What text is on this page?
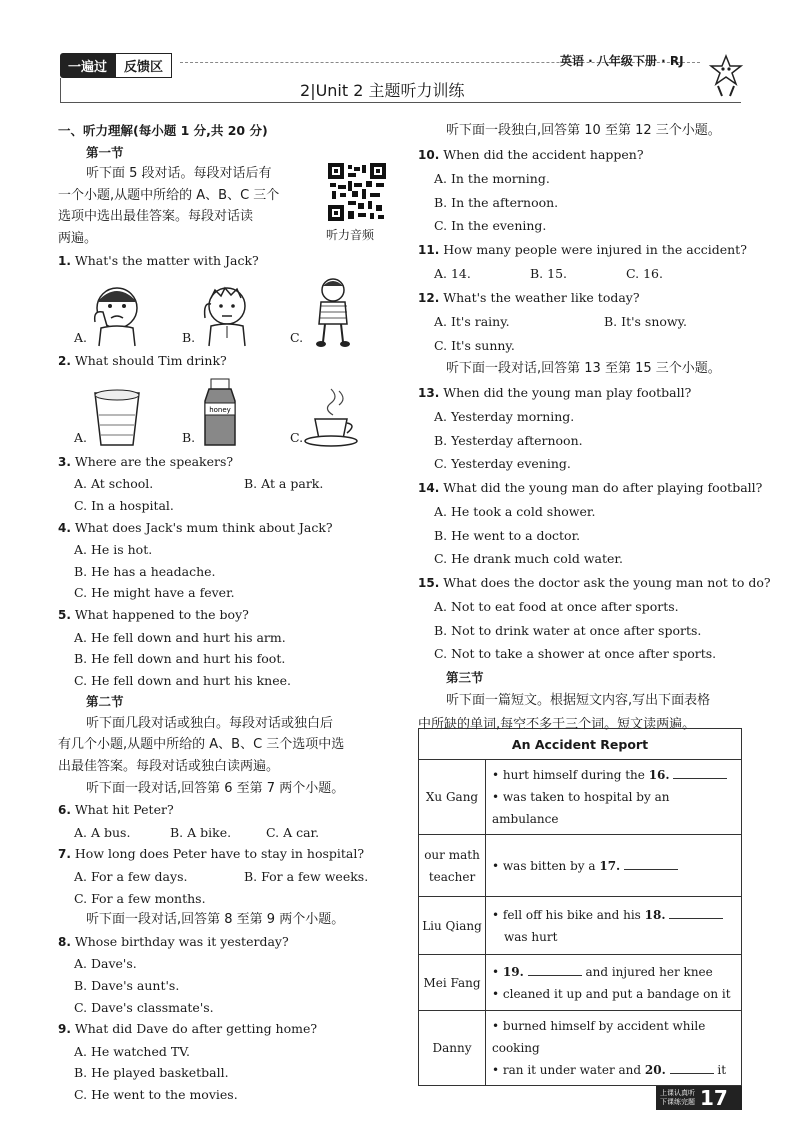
一遍过 反馈区	英语 · 八年级下册 · RJ
2|Unit 2 主题听力训练
听力音频
一、听力理解(每小题 1 分,共 20 分)
第一节
听下面 5 段对话。每段对话后有
一个小题,从题中所给的 A、B、C 三个
选项中选出最佳答案。每段对话读
两遍。
1. What's the matter with Jack?
A.	B.	C.
2. What should Tim drink?
A.	B.
honey
C.
3. Where are the speakers?
A. At school.	B. At a park.
C. In a hospital.
4. What does Jack's mum think about Jack?
A. He is hot.
B. He has a headache.
C. He might have a fever.
5. What happened to the boy?
A. He fell down and hurt his arm.
B. He fell down and hurt his foot.
C. He fell down and hurt his knee.
第二节
听下面几段对话或独白。每段对话或独白后
有几个小题,从题中所给的 A、B、C 三个选项中选
出最佳答案。每段对话或独白读两遍。
听下面一段对话,回答第 6 至第 7 两个小题。
6. What hit Peter?
A. A bus.	B. A bike.	C. A car.
7. How long does Peter have to stay in hospital?
A. For a few days.	B. For a few weeks.
C. For a few months.
听下面一段对话,回答第 8 至第 9 两个小题。
8. Whose birthday was it yesterday?
A. Dave's.
B. Dave's aunt's.
C. Dave's classmate's.
9. What did Dave do after getting home?
A. He watched TV.
B. He played basketball.
C. He went to the movies.
听下面一段独白,回答第 10 至第 12 三个小题。
10. When did the accident happen?
A. In the morning.
B. In the afternoon.
C. In the evening.
11. How many people were injured in the accident?
A. 14.	B. 15.	C. 16.
12. What's the weather like today?
A. It's rainy.	B. It's snowy.
C. It's sunny.
听下面一段对话,回答第 13 至第 15 三个小题。
13. When did the young man play football?
A. Yesterday morning.
B. Yesterday afternoon.
C. Yesterday evening.
14. What did the young man do after playing football?
A. He took a cold shower.
B. He went to a doctor.
C. He drank much cold water.
15. What does the doctor ask the young man not to do?
A. Not to eat food at once after sports.
B. Not to drink water at once after sports.
C. Not to take a shower at once after sports.
第三节
听下面一篇短文。根据短文内容,写出下面表格
中所缺的单词,每空不多于三个词。短文读两遍。
An Accident Report	
Xu Gang	• hurt himself during the 16.
• was taken to hospital by an ambulance

our math
teacher	• was bitten by a 17.

Liu Qiang	• fell off his bike and his 18.
was hurt

Mei Fang	• 19. and injured her knee
• cleaned it up and put a bandage on it

Danny	• burned himself by accident while cooking
• ran it under water and 20. it
上课认真听
下课练完题 17
